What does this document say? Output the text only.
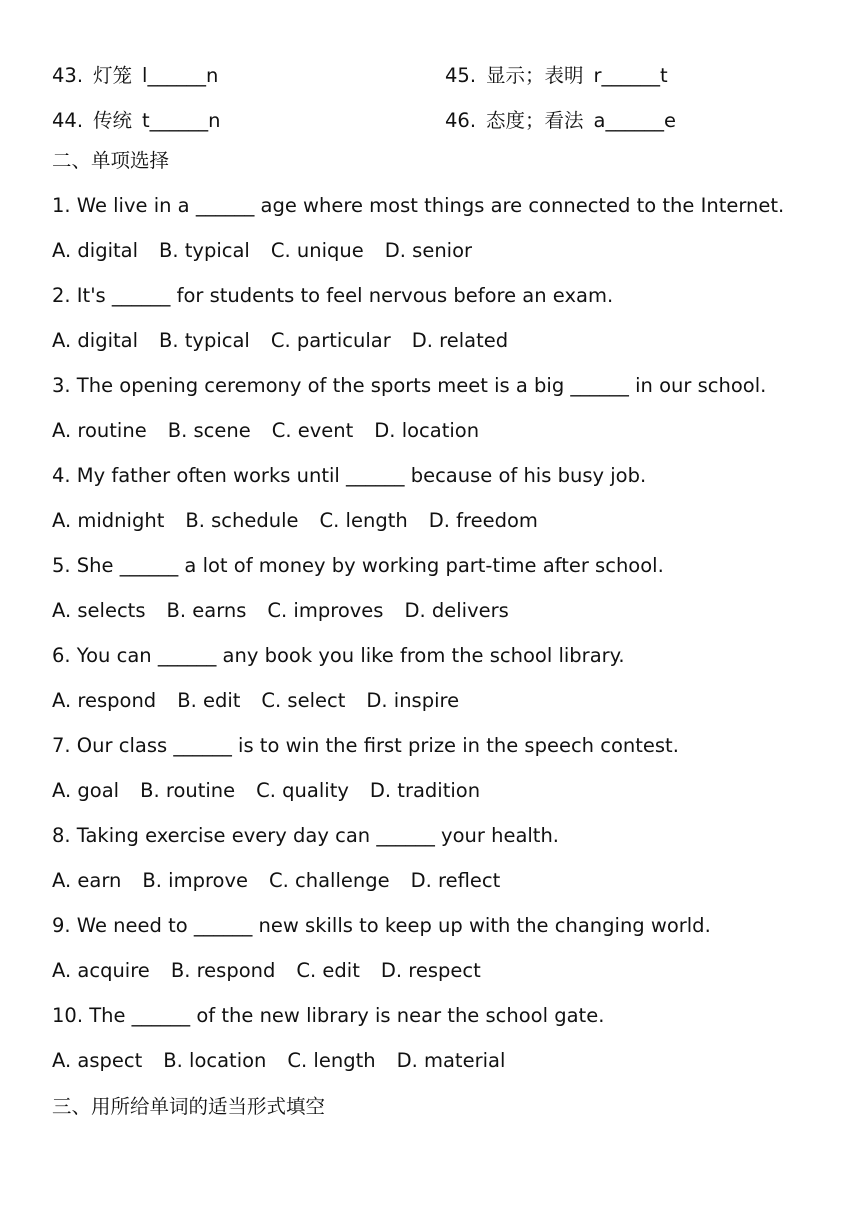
43. 灯笼 l______n	45. 显示；表明 r______t
44. 传统 t______n	46. 态度；看法 a______e
二、单项选择
1. We live in a ______ age where most things are connected to the Internet.
A. digital B. typical C. unique D. senior
2. It's ______ for students to feel nervous before an exam.
A. digital B. typical C. particular D. related
3. The opening ceremony of the sports meet is a big ______ in our school.
A. routine B. scene C. event D. location
4. My father often works until ______ because of his busy job.
A. midnight B. schedule C. length D. freedom
5. She ______ a lot of money by working part-time after school.
A. selects B. earns C. improves D. delivers
6. You can ______ any book you like from the school library.
A. respond B. edit C. select D. inspire
7. Our class ______ is to win the first prize in the speech contest.
A. goal B. routine C. quality D. tradition
8. Taking exercise every day can ______ your health.
A. earn B. improve C. challenge D. reflect
9. We need to ______ new skills to keep up with the changing world.
A. acquire B. respond C. edit D. respect
10. The ______ of the new library is near the school gate.
A. aspect B. location C. length D. material
三、用所给单词的适当形式填空
